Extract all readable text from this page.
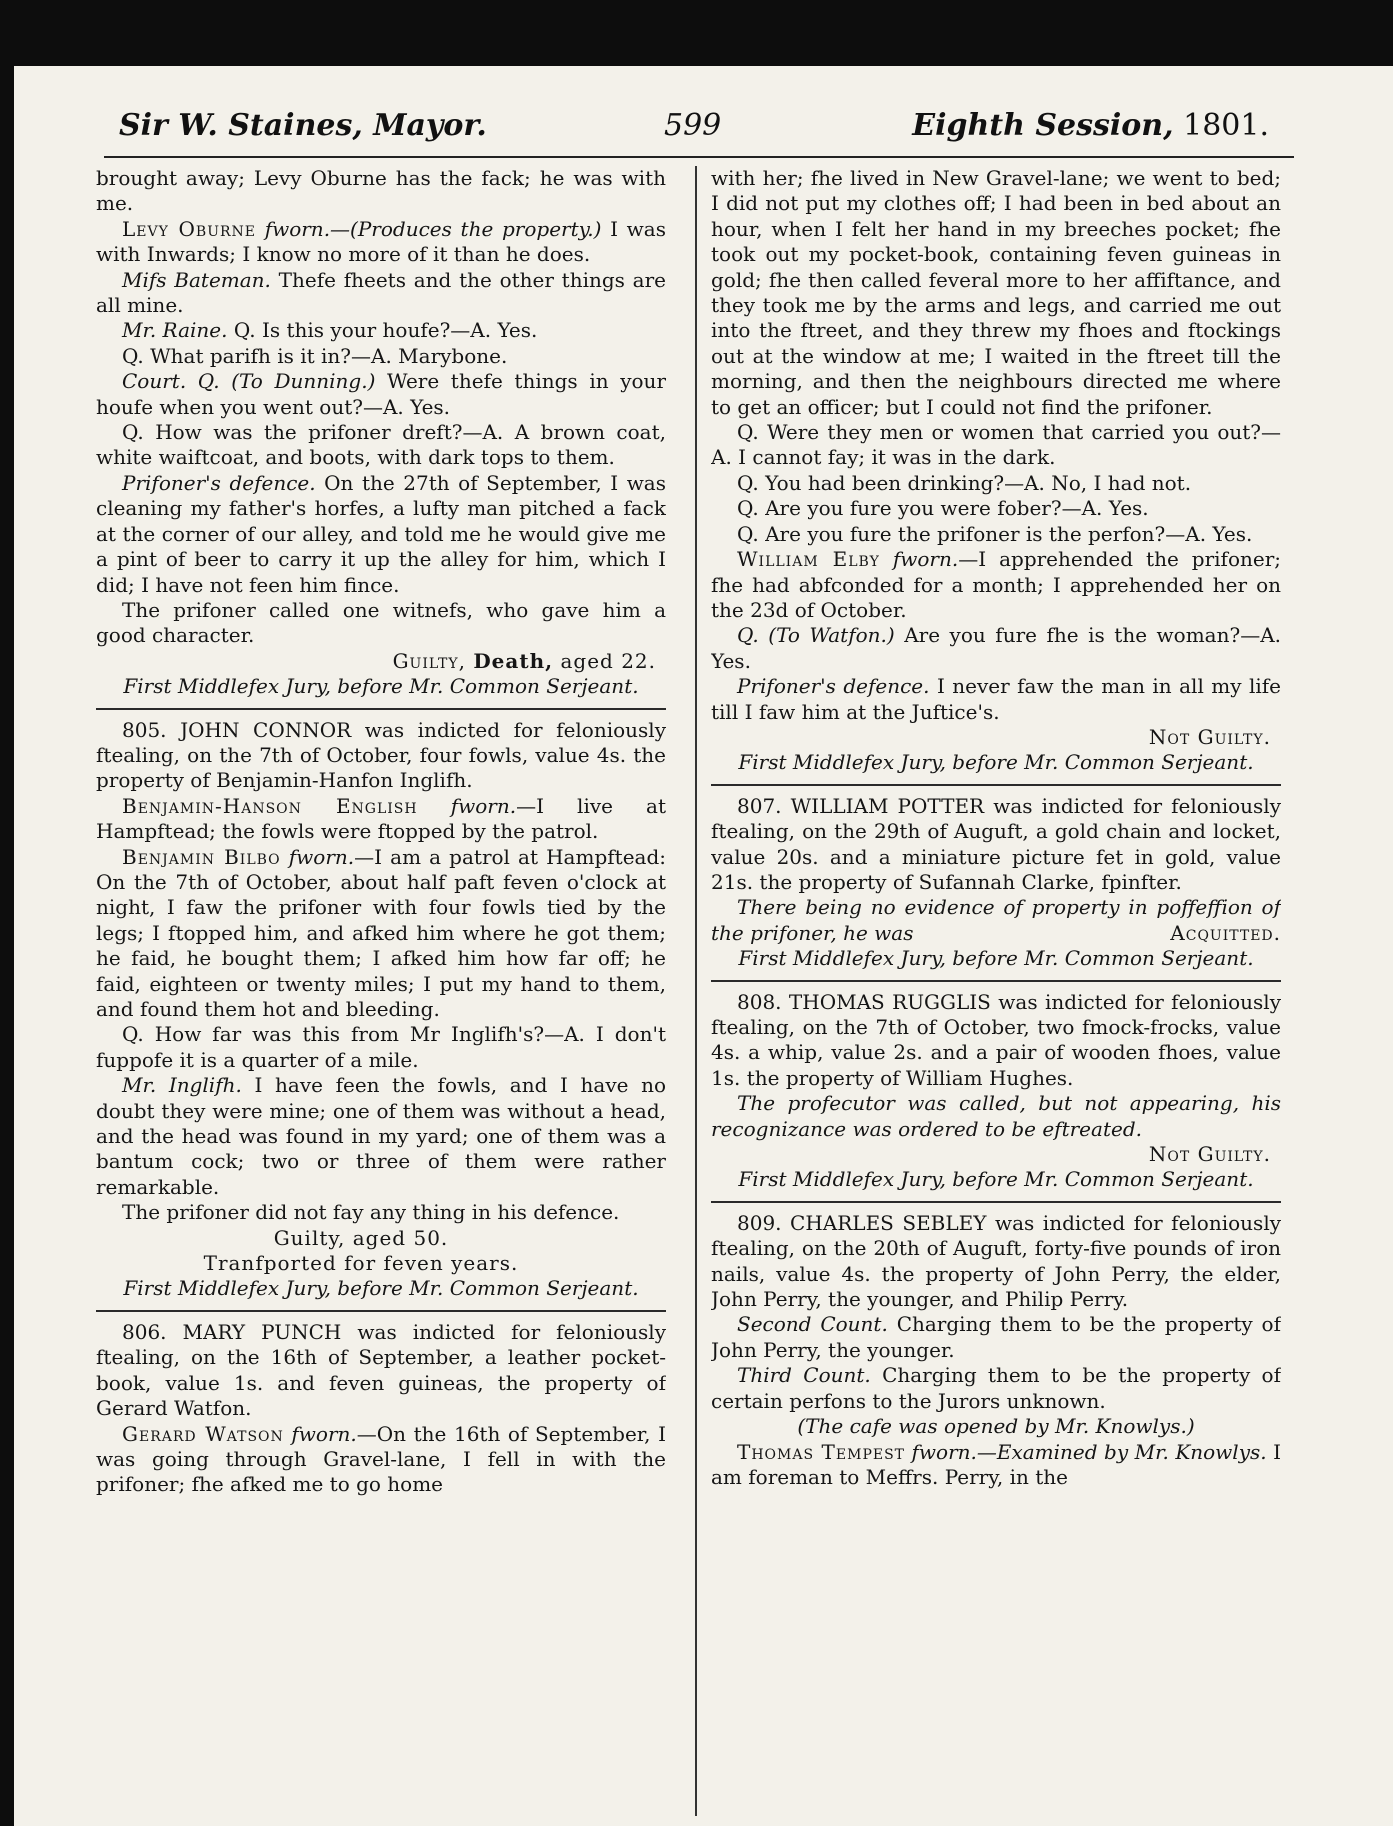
Sir W. Staines, Mayor.	599	Eighth Session, 1801.

brought away; Levy Oburne has the fack; he was with me.

Levy Oburne fworn.—(Produces the property.) I was with Inwards; I know no more of it than he does.

Mifs Bateman. Thefe fheets and the other things are all mine.

Mr. Raine. Q. Is this your houfe?—A. Yes.

Q. What parifh is it in?—A. Marybone.

Court. Q. (To Dunning.) Were thefe things in your houfe when you went out?—A. Yes.

Q. How was the prifoner dreft?—A. A brown coat, white waiftcoat, and boots, with dark tops to them.

Prifoner's defence. On the 27th of September, I was cleaning my father's horfes, a lufty man pitched a fack at the corner of our alley, and told me he would give me a pint of beer to carry it up the alley for him, which I did; I have not feen him fince.

The prifoner called one witnefs, who gave him a good character.

Guilty, Death, aged 22.
First Middlefex Jury, before Mr. Common Serjeant.

805. JOHN CONNOR was indicted for feloniously ftealing, on the 7th of October, four fowls, value 4s. the property of Benjamin-Hanfon Inglifh.

Benjamin-Hanson English fworn.—I live at Hampftead; the fowls were ftopped by the patrol.

Benjamin Bilbo fworn.—I am a patrol at Hampftead: On the 7th of October, about half paft feven o'clock at night, I faw the prifoner with four fowls tied by the legs; I ftopped him, and afked him where he got them; he faid, he bought them; I afked him how far off; he faid, eighteen or twenty miles; I put my hand to them, and found them hot and bleeding.

Q. How far was this from Mr Inglifh's?—A. I don't fuppofe it is a quarter of a mile.

Mr. Inglifh. I have feen the fowls, and I have no doubt they were mine; one of them was without a head, and the head was found in my yard; one of them was a bantum cock; two or three of them were rather remarkable.

The prifoner did not fay any thing in his defence.

Guilty, aged 50.
Tranfported for feven years.
First Middlefex Jury, before Mr. Common Serjeant.

806. MARY PUNCH was indicted for feloniously ftealing, on the 16th of September, a leather pocket-book, value 1s. and feven guineas, the property of Gerard Watfon.

Gerard Watson fworn.—On the 16th of September, I was going through Gravel-lane, I fell in with the prifoner; fhe afked me to go home

with her; fhe lived in New Gravel-lane; we went to bed; I did not put my clothes off; I had been in bed about an hour, when I felt her hand in my breeches pocket; fhe took out my pocket-book, containing feven guineas in gold; fhe then called feveral more to her affiftance, and they took me by the arms and legs, and carried me out into the ftreet, and they threw my fhoes and ftockings out at the window at me; I waited in the ftreet till the morning, and then the neighbours directed me where to get an officer; but I could not find the prifoner.

Q. Were they men or women that carried you out?—A. I cannot fay; it was in the dark.

Q. You had been drinking?—A. No, I had not.

Q. Are you fure you were fober?—A. Yes.

Q. Are you fure the prifoner is the perfon?—A. Yes.

William Elby fworn.—I apprehended the prifoner; fhe had abfconded for a month; I apprehended her on the 23d of October.

Q. (To Watfon.) Are you fure fhe is the woman?—A. Yes.

Prifoner's defence. I never faw the man in all my life till I faw him at the Juftice's.

Not Guilty.
First Middlefex Jury, before Mr. Common Serjeant.

807. WILLIAM POTTER was indicted for feloniously ftealing, on the 29th of Auguft, a gold chain and locket, value 20s. and a miniature picture fet in gold, value 21s. the property of Sufannah Clarke, fpinfter.

There being no evidence of property in poffeffion of the prifoner, he was	Acquitted.

First Middlefex Jury, before Mr. Common Serjeant.

808. THOMAS RUGGLIS was indicted for feloniously ftealing, on the 7th of October, two fmock-frocks, value 4s. a whip, value 2s. and a pair of wooden fhoes, value 1s. the property of William Hughes.

The profecutor was called, but not appearing, his recognizance was ordered to be eftreated.

Not Guilty.
First Middlefex Jury, before Mr. Common Serjeant.

809. CHARLES SEBLEY was indicted for feloniously ftealing, on the 20th of Auguft, forty-five pounds of iron nails, value 4s. the property of John Perry, the elder, John Perry, the younger, and Philip Perry.

Second Count. Charging them to be the property of John Perry, the younger.

Third Count. Charging them to be the property of certain perfons to the Jurors unknown.

(The cafe was opened by Mr. Knowlys.)

Thomas Tempest fworn.—Examined by Mr. Knowlys. I am foreman to Meffrs. Perry, in the
